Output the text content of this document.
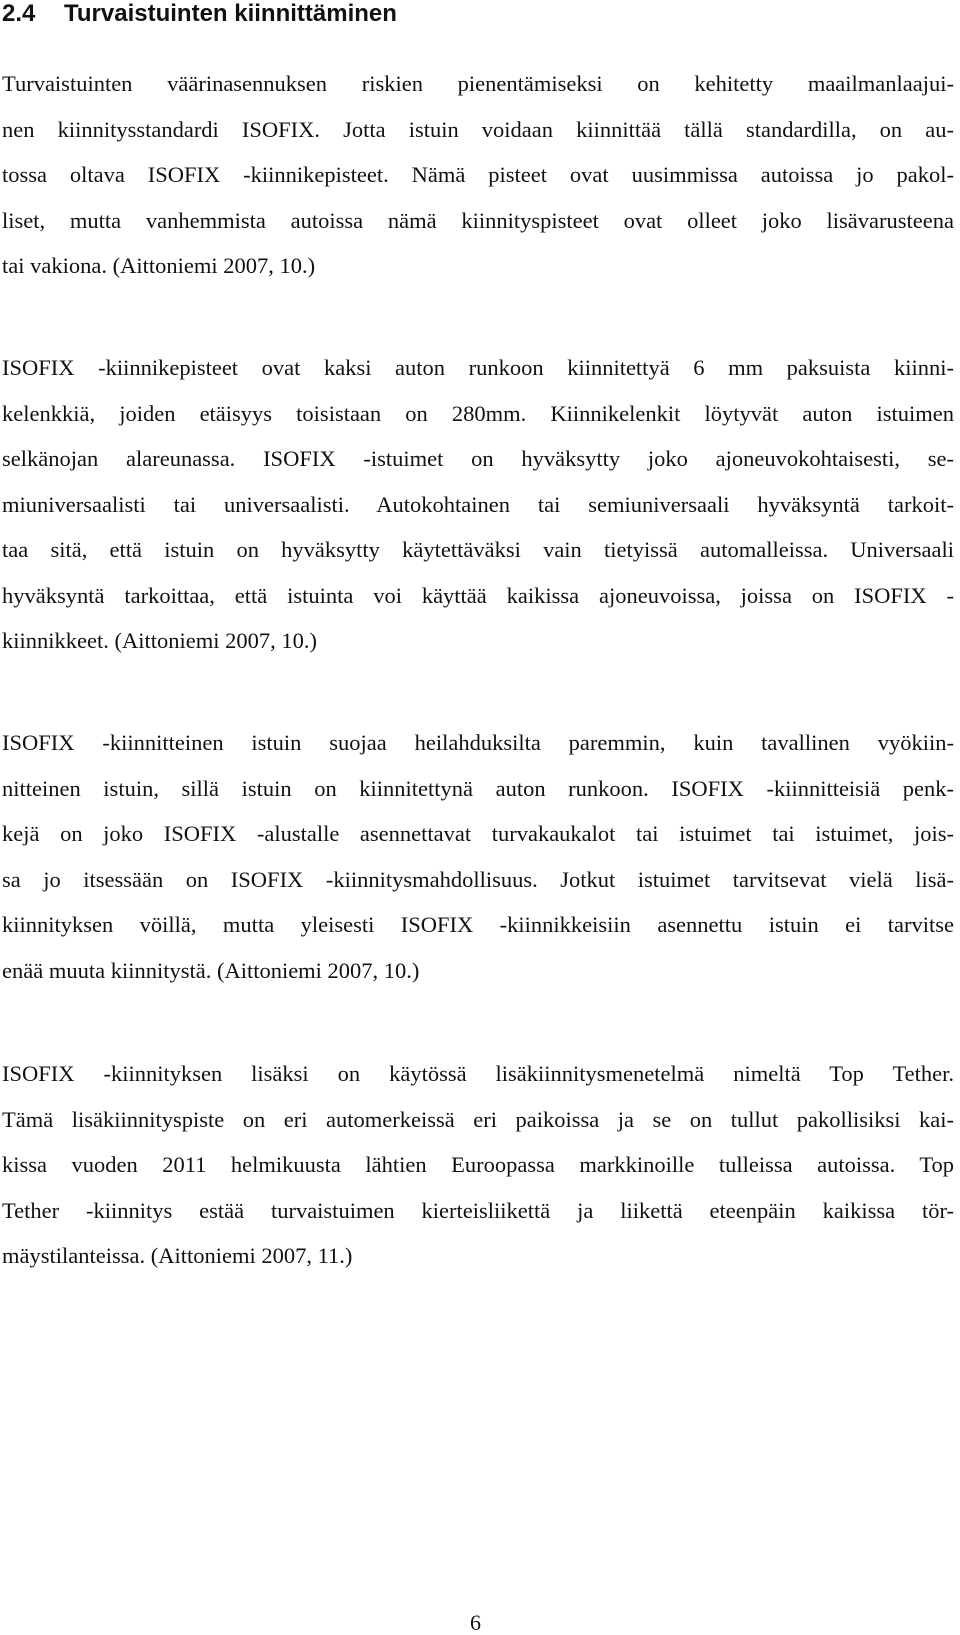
2.4 Turvaistuinten kiinnittäminen
Turvaistuinten väärinasennuksen riskien pienentämiseksi on kehitetty maailmanlaajui-
nen kiinnitysstandardi ISOFIX. Jotta istuin voidaan kiinnittää tällä standardilla, on au-
tossa oltava ISOFIX -kiinnikepisteet. Nämä pisteet ovat uusimmissa autoissa jo pakol-
liset, mutta vanhemmista autoissa nämä kiinnityspisteet ovat olleet joko lisävarusteena
tai vakiona. (Aittoniemi 2007, 10.)
ISOFIX -kiinnikepisteet ovat kaksi auton runkoon kiinnitettyä 6 mm paksuista kiinni-
kelenkkiä, joiden etäisyys toisistaan on 280mm. Kiinnikelenkit löytyvät auton istuimen
selkänojan alareunassa. ISOFIX -istuimet on hyväksytty joko ajoneuvokohtaisesti, se-
miuniversaalisti tai universaalisti. Autokohtainen tai semiuniversaali hyväksyntä tarkoit-
taa sitä, että istuin on hyväksytty käytettäväksi vain tietyissä automalleissa. Universaali
hyväksyntä tarkoittaa, että istuinta voi käyttää kaikissa ajoneuvoissa, joissa on ISOFIX -
kiinnikkeet. (Aittoniemi 2007, 10.)
ISOFIX -kiinnitteinen istuin suojaa heilahduksilta paremmin, kuin tavallinen vyökiin-
nitteinen istuin, sillä istuin on kiinnitettynä auton runkoon. ISOFIX -kiinnitteisiä penk-
kejä on joko ISOFIX -alustalle asennettavat turvakaukalot tai istuimet tai istuimet, jois-
sa jo itsessään on ISOFIX -kiinnitysmahdollisuus. Jotkut istuimet tarvitsevat vielä lisä-
kiinnityksen vöillä, mutta yleisesti ISOFIX -kiinnikkeisiin asennettu istuin ei tarvitse
enää muuta kiinnitystä. (Aittoniemi 2007, 10.)
ISOFIX -kiinnityksen lisäksi on käytössä lisäkiinnitysmenetelmä nimeltä Top Tether.
Tämä lisäkiinnityspiste on eri automerkeissä eri paikoissa ja se on tullut pakollisiksi kai-
kissa vuoden 2011 helmikuusta lähtien Euroopassa markkinoille tulleissa autoissa. Top
Tether -kiinnitys estää turvaistuimen kierteisliikettä ja liikettä eteenpäin kaikissa tör-
mäystilanteissa. (Aittoniemi 2007, 11.)
6
